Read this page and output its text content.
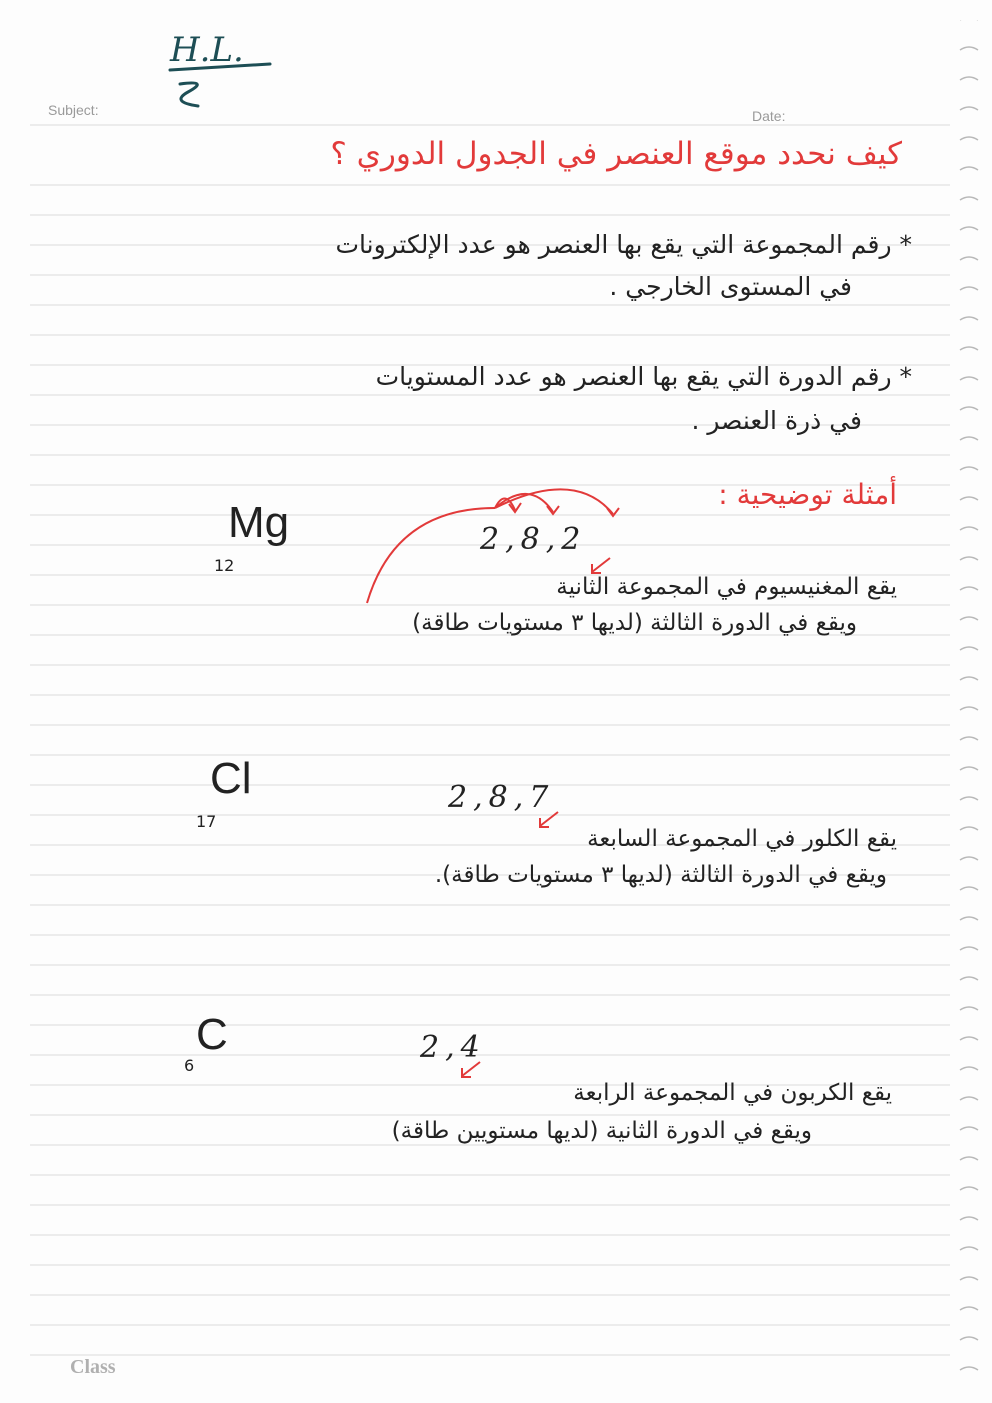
H.L.
Subject:	Date:
كيف نحدد موقع العنصر في الجدول الدوري ؟
* رقم المجموعة التي يقع بها العنصر هو عدد الإلكترونات
في المستوى الخارجي .
* رقم الدورة التي يقع بها العنصر هو عدد المستويات
في ذرة العنصر .
أمثلة توضيحية :
Mg
12
2,8,2
يقع المغنيسيوم في المجموعة الثانية
ويقع في الدورة الثالثة (لديها ٣ مستويات طاقة)
Cl
17
2,8,7
يقع الكلور في المجموعة السابعة
ويقع في الدورة الثالثة (لديها ٣ مستويات طاقة).
C
6
2,4
يقع الكربون في المجموعة الرابعة
ويقع في الدورة الثانية (لديها مستويين طاقة)
Class
